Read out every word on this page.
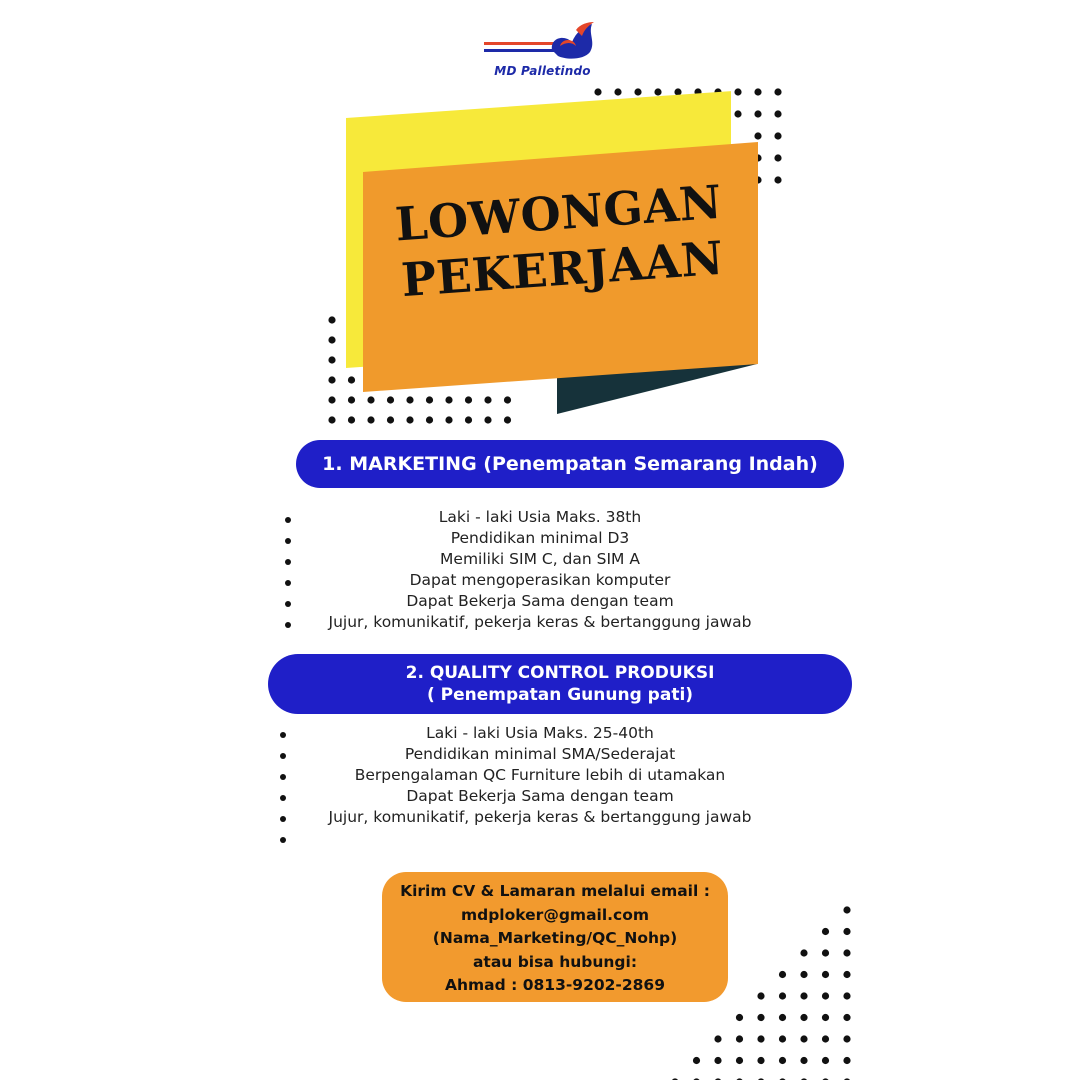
MD Palletindo
LOWONGAN
PEKERJAAN
1. MARKETING (Penempatan Semarang Indah)
Laki - laki Usia Maks. 38th
Pendidikan minimal D3
Memiliki SIM C, dan SIM A
Dapat mengoperasikan komputer
Dapat Bekerja Sama dengan team
Jujur, komunikatif, pekerja keras & bertanggung jawab
2. QUALITY CONTROL PRODUKSI
( Penempatan Gunung pati)
Laki - laki Usia Maks. 25-40th
Pendidikan minimal SMA/Sederajat
Berpengalaman QC Furniture lebih di utamakan
Dapat Bekerja Sama dengan team
Jujur, komunikatif, pekerja keras & bertanggung jawab
Kirim CV & Lamaran melalui email :
mdploker@gmail.com
(Nama_Marketing/QC_Nohp)
atau bisa hubungi:
Ahmad : 0813-9202-2869
